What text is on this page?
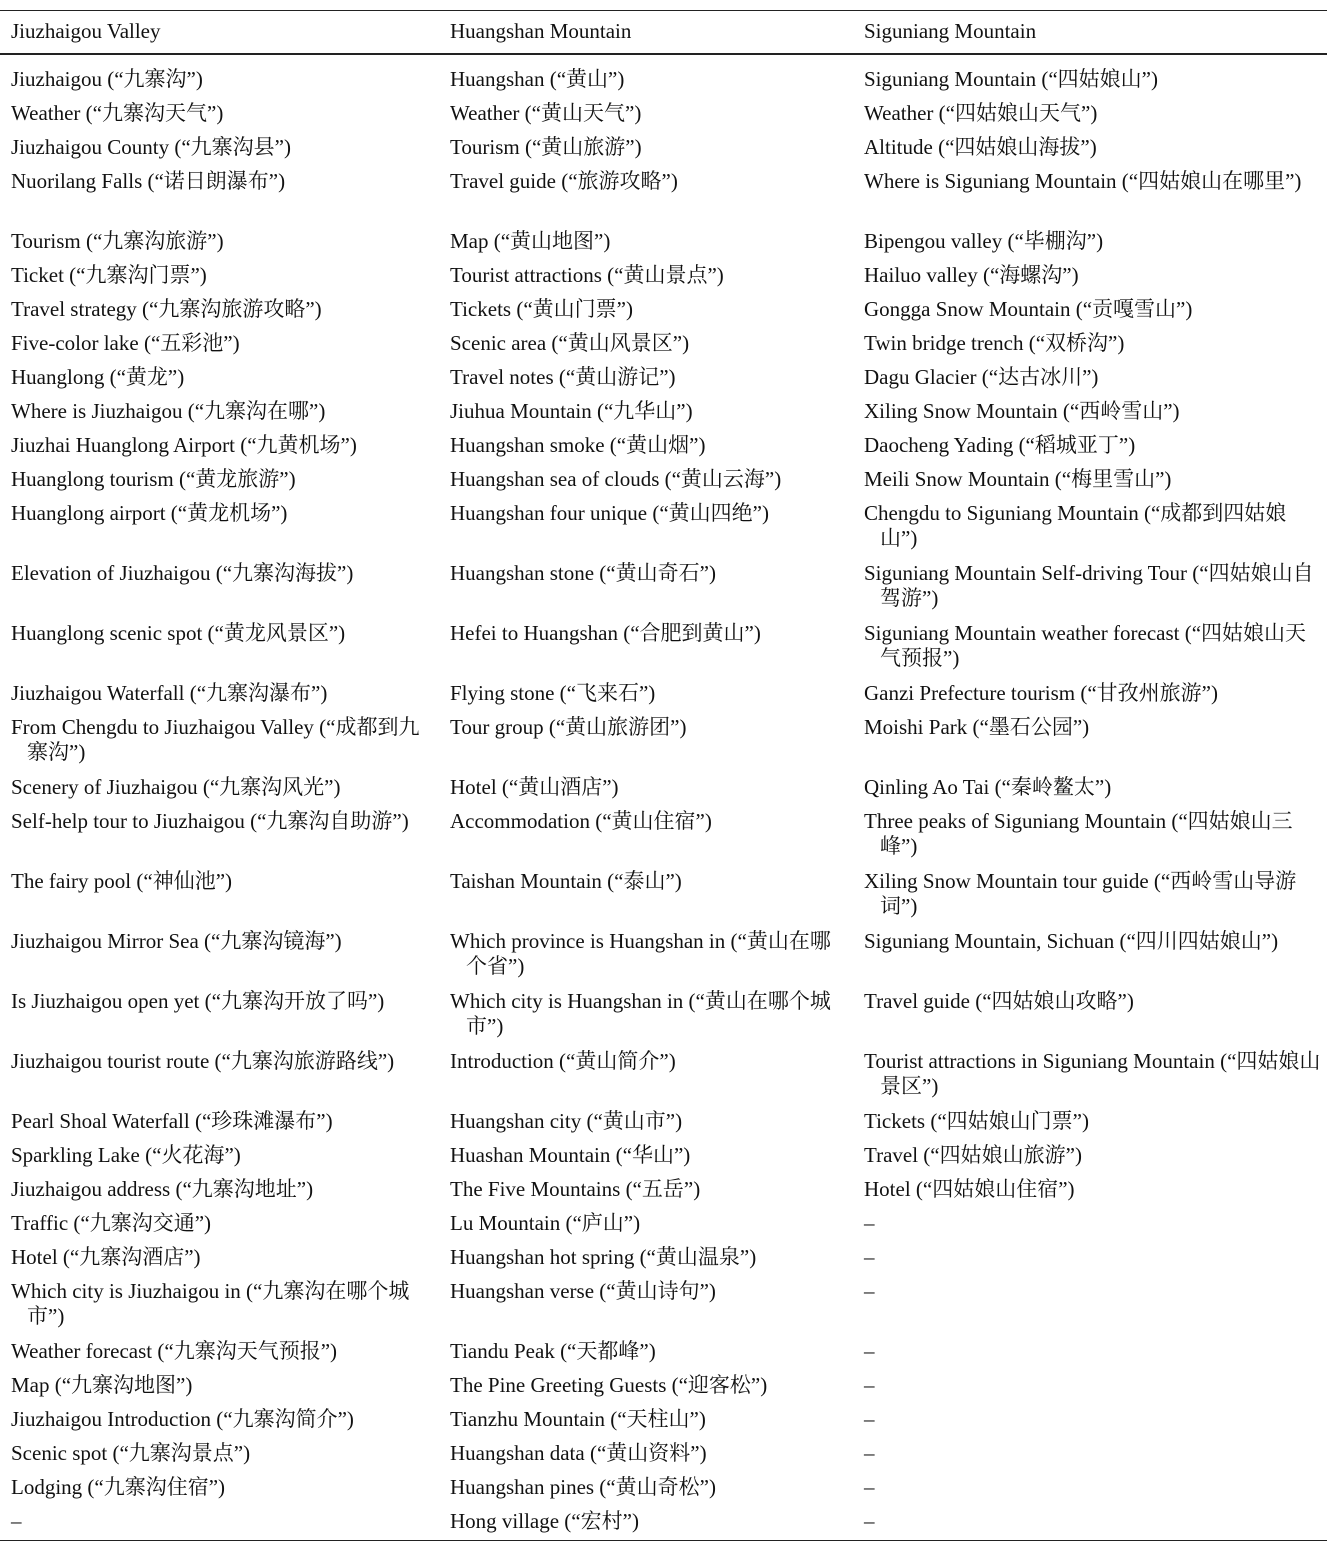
Jiuzhaigou Valley	Huangshan Mountain	Siguniang Mountain
Jiuzhaigou (“九寨沟”)	Huangshan (“黄山”)	Siguniang Mountain (“四姑娘山”)

Weather (“九寨沟天气”)	Weather (“黄山天气”)	Weather (“四姑娘山天气”)

Jiuzhaigou County (“九寨沟县”)	Tourism (“黄山旅游”)	Altitude (“四姑娘山海拔”)

Nuorilang Falls (“诺日朗瀑布”)	Travel guide (“旅游攻略”)	Where is Siguniang Mountain (“四姑娘山在哪里”)

Tourism (“九寨沟旅游”)	Map (“黄山地图”)	Bipengou valley (“毕棚沟”)

Ticket (“九寨沟门票”)	Tourist attractions (“黄山景点”)	Hailuo valley (“海螺沟”)

Travel strategy (“九寨沟旅游攻略”)	Tickets (“黄山门票”)	Gongga Snow Mountain (“贡嘎雪山”)

Five-color lake (“五彩池”)	Scenic area (“黄山风景区”)	Twin bridge trench (“双桥沟”)

Huanglong (“黄龙”)	Travel notes (“黄山游记”)	Dagu Glacier (“达古冰川”)

Where is Jiuzhaigou (“九寨沟在哪”)	Jiuhua Mountain (“九华山”)	Xiling Snow Mountain (“西岭雪山”)

Jiuzhai Huanglong Airport (“九黄机场”)	Huangshan smoke (“黄山烟”)	Daocheng Yading (“稻城亚丁”)

Huanglong tourism (“黄龙旅游”)	Huangshan sea of clouds (“黄山云海”)	Meili Snow Mountain (“梅里雪山”)

Huanglong airport (“黄龙机场”)	Huangshan four unique (“黄山四绝”)	Chengdu to Siguniang Mountain (“成都到四姑娘山”)

Elevation of Jiuzhaigou (“九寨沟海拔”)	Huangshan stone (“黄山奇石”)	Siguniang Mountain Self-driving Tour (“四姑娘山自驾游”)

Huanglong scenic spot (“黄龙风景区”)	Hefei to Huangshan (“合肥到黄山”)	Siguniang Mountain weather forecast (“四姑娘山天气预报”)

Jiuzhaigou Waterfall (“九寨沟瀑布”)	Flying stone (“飞来石”)	Ganzi Prefecture tourism (“甘孜州旅游”)

From Chengdu to Jiuzhaigou Valley (“成都到九寨沟”)	Tour group (“黄山旅游团”)	Moishi Park (“墨石公园”)

Scenery of Jiuzhaigou (“九寨沟风光”)	Hotel (“黄山酒店”)	Qinling Ao Tai (“秦岭鳌太”)

Self-help tour to Jiuzhaigou (“九寨沟自助游”)	Accommodation (“黄山住宿”)	Three peaks of Siguniang Mountain (“四姑娘山三峰”)

The fairy pool (“神仙池”)	Taishan Mountain (“泰山”)	Xiling Snow Mountain tour guide (“西岭雪山导游词”)

Jiuzhaigou Mirror Sea (“九寨沟镜海”)	Which province is Huangshan in (“黄山在哪个省”)	Siguniang Mountain, Sichuan (“四川四姑娘山”)

Is Jiuzhaigou open yet (“九寨沟开放了吗”)	Which city is Huangshan in (“黄山在哪个城市”)	Travel guide (“四姑娘山攻略”)

Jiuzhaigou tourist route (“九寨沟旅游路线”)	Introduction (“黄山简介”)	Tourist attractions in Siguniang Mountain (“四姑娘山景区”)

Pearl Shoal Waterfall (“珍珠滩瀑布”)	Huangshan city (“黄山市”)	Tickets (“四姑娘山门票”)

Sparkling Lake (“火花海”)	Huashan Mountain (“华山”)	Travel (“四姑娘山旅游”)

Jiuzhaigou address (“九寨沟地址”)	The Five Mountains (“五岳”)	Hotel (“四姑娘山住宿”)

Traffic (“九寨沟交通”)	Lu Mountain (“庐山”)	–

Hotel (“九寨沟酒店”)	Huangshan hot spring (“黄山温泉”)	–

Which city is Jiuzhaigou in (“九寨沟在哪个城市”)	Huangshan verse (“黄山诗句”)	–

Weather forecast (“九寨沟天气预报”)	Tiandu Peak (“天都峰”)	–

Map (“九寨沟地图”)	The Pine Greeting Guests (“迎客松”)	–

Jiuzhaigou Introduction (“九寨沟简介”)	Tianzhu Mountain (“天柱山”)	–

Scenic spot (“九寨沟景点”)	Huangshan data (“黄山资料”)	–

Lodging (“九寨沟住宿”)	Huangshan pines (“黄山奇松”)	–

–	Hong village (“宏村”)	–
